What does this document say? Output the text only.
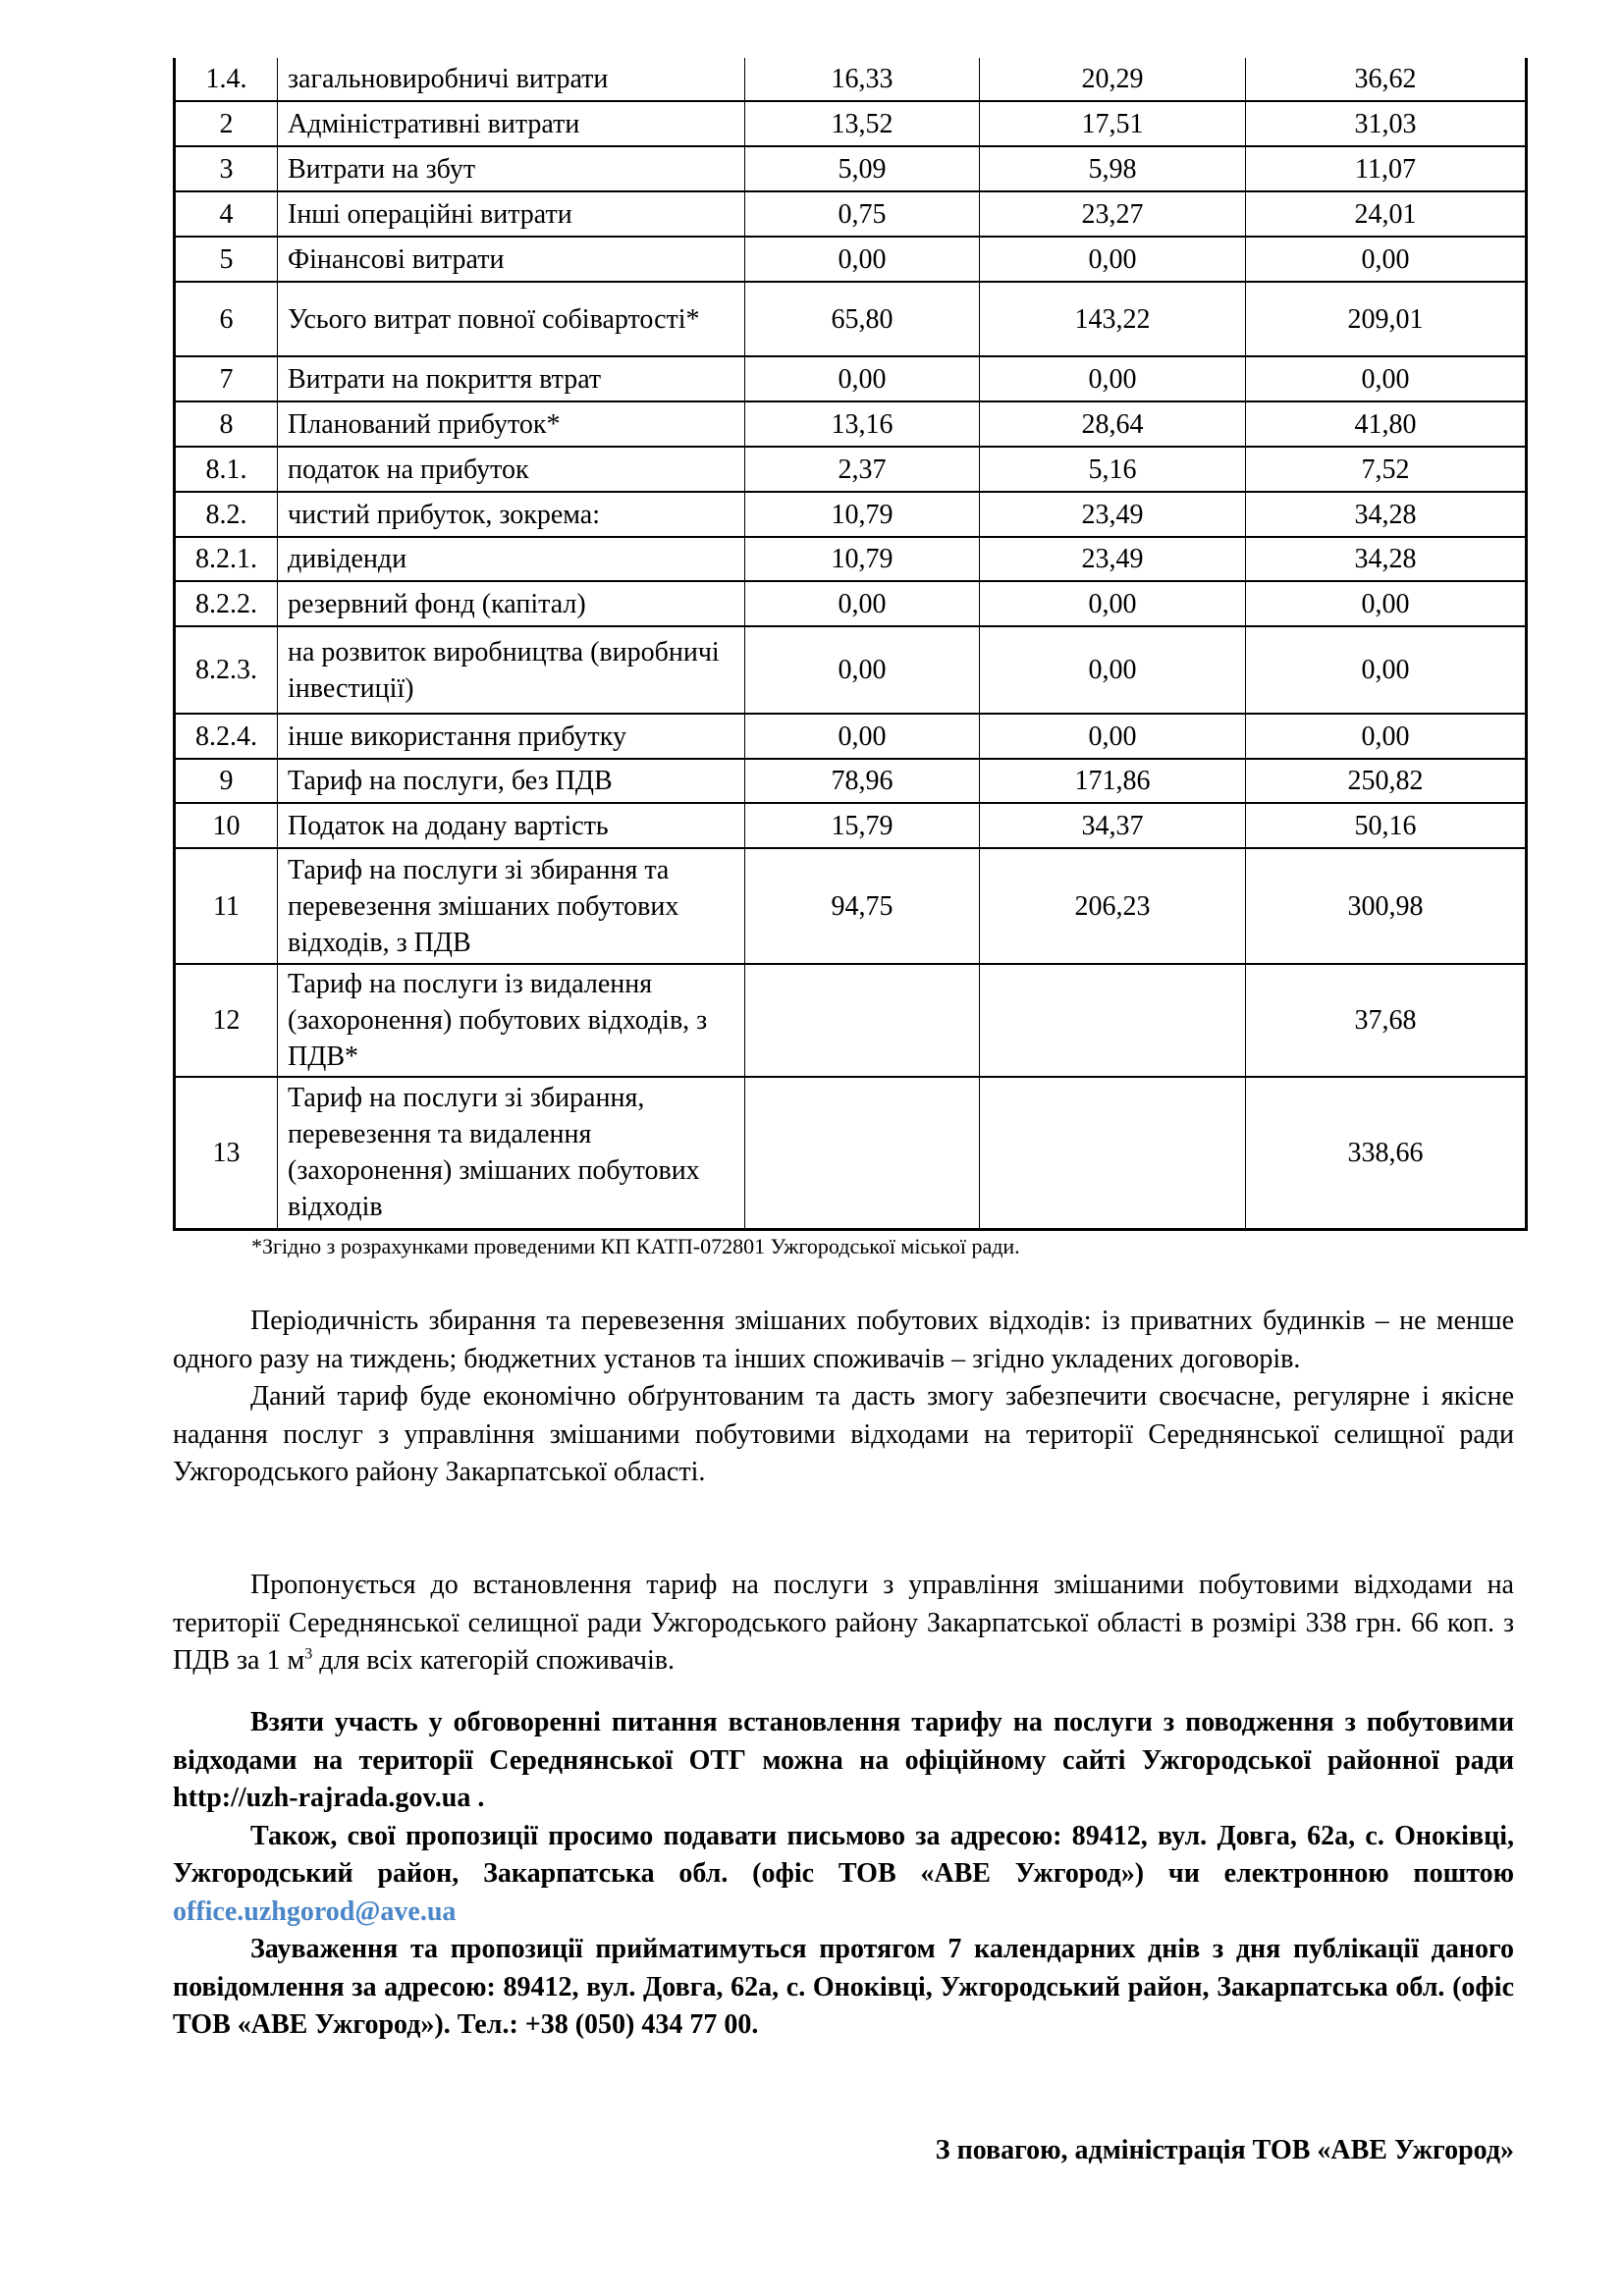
1.4.	загальновиробничі витрати	16,33	20,29	36,62
2	Адміністративні витрати	13,52	17,51	31,03
3	Витрати на збут	5,09	5,98	11,07
4	Інші операційні витрати	0,75	23,27	24,01
5	Фінансові витрати	0,00	0,00	0,00
6	Усього витрат повної собівартості*	65,80	143,22	209,01
7	Витрати на покриття втрат	0,00	0,00	0,00
8	Планований прибуток*	13,16	28,64	41,80
8.1.	податок на прибуток	2,37	5,16	7,52
8.2.	чистий прибуток, зокрема:	10,79	23,49	34,28
8.2.1.	дивіденди	10,79	23,49	34,28
8.2.2.	резервний фонд (капітал)	0,00	0,00	0,00
8.2.3.	на розвиток виробництва (виробничі інвестиції)	0,00	0,00	0,00
8.2.4.	інше використання прибутку	0,00	0,00	0,00
9	Тариф на послуги, без ПДВ	78,96	171,86	250,82
10	Податок на додану вартість	15,79	34,37	50,16
11	Тариф на послуги зі збирання та перевезення змішаних побутових відходів, з ПДВ	94,75	206,23	300,98
12	Тариф на послуги із видалення (захоронення) побутових відходів, з ПДВ*			37,68
13	Тариф на послуги зі збирання, перевезення та видалення (захоронення) змішаних побутових відходів			338,66
*Згідно з розрахунками проведеними КП КАТП-072801 Ужгородської міської ради.

Періодичність збирання та перевезення змішаних побутових відходів: із приватних будинків – не менше одного разу на тиждень; бюджетних установ та інших споживачів – згідно укладених договорів.

Даний тариф буде економічно обґрунтованим та дасть змогу забезпечити своєчасне, регулярне і якісне надання послуг з управління змішаними побутовими відходами на території Середнянської селищної ради Ужгородського району Закарпатської області.

Пропонується до встановлення тариф на послуги з управління змішаними побутовими відходами на території Середнянської селищної ради Ужгородського району Закарпатської області в розмірі 338 грн. 66 коп. з ПДВ за 1 $м^3$ для всіх категорій споживачів.

Взяти участь у обговоренні питання встановлення тарифу на послуги з поводження з побутовими відходами на території Середнянської ОТГ можна на офіційному сайті Ужгородської районної ради http://uzh-rajrada.gov.ua .

Також, свої пропозиції просимо подавати письмово за адресою: 89412, вул. Довга, 62а, с. Оноківці, Ужгородський район, Закарпатська обл. (офіс ТОВ «АВЕ Ужгород») чи електронною поштою office.uzhgorod@ave.ua

Зауваження та пропозиції прийматимуться протягом 7 календарних днів з дня публікації даного повідомлення за адресою: 89412, вул. Довга, 62а, с. Оноківці, Ужгородський район, Закарпатська обл. (офіс ТОВ «АВЕ Ужгород»). Тел.: +38 (050) 434 77 00.

З повагою, адміністрація ТОВ «АВЕ Ужгород»
